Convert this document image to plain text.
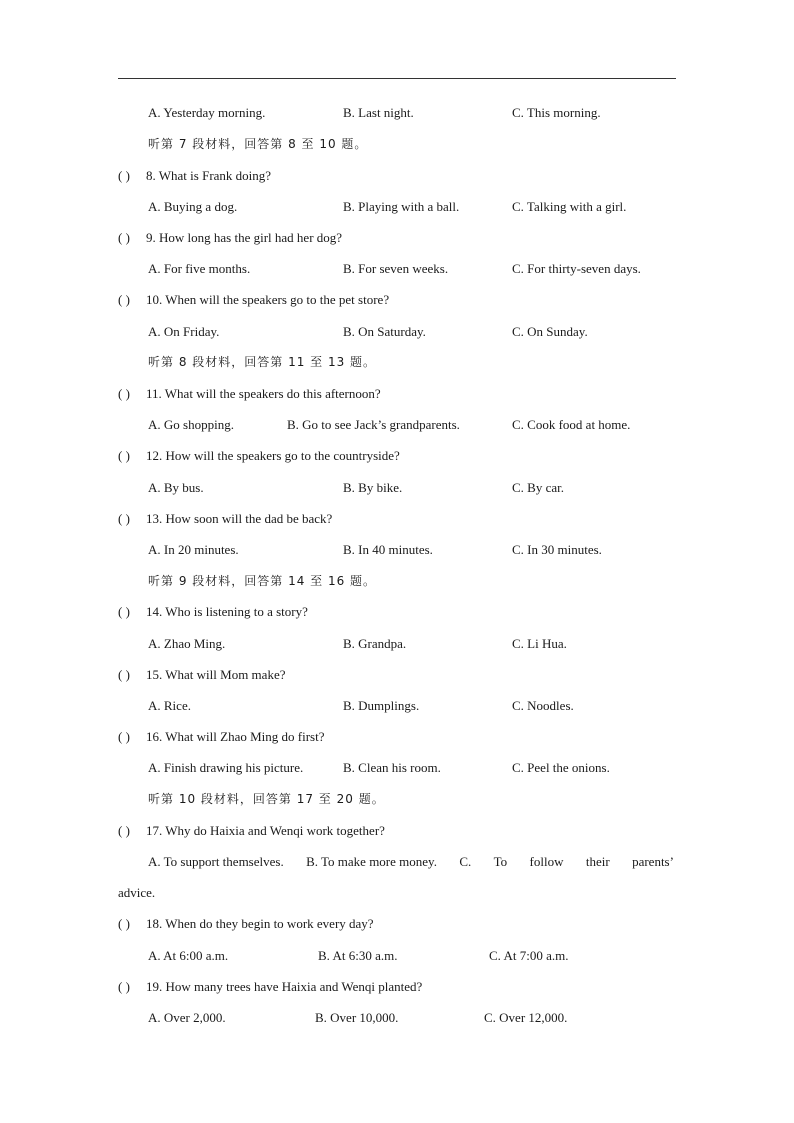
A. Yesterday morning.	B. Last night.	C. This morning.
听第 7 段材料，回答第 8 至 10 题。
( ) 8. What is Frank doing?
A. Buying a dog.	B. Playing with a ball.	C. Talking with a girl.
( ) 9. How long has the girl had her dog?
A. For five months.	B. For seven weeks.	C. For thirty-seven days.
( ) 10. When will the speakers go to the pet store?
A. On Friday.	B. On Saturday.	C. On Sunday.
听第 8 段材料，回答第 11 至 13 题。
( ) 11. What will the speakers do this afternoon?
A. Go shopping.	B. Go to see Jack’s grandparents.	C. Cook food at home.
( ) 12. How will the speakers go to the countryside?
A. By bus.	B. By bike.	C. By car.
( ) 13. How soon will the dad be back?
A. In 20 minutes.	B. In 40 minutes.	C. In 30 minutes.
听第 9 段材料，回答第 14 至 16 题。
( ) 14. Who is listening to a story?
A. Zhao Ming.	B. Grandpa.	C. Li Hua.
( ) 15. What will Mom make?
A. Rice.	B. Dumplings.	C. Noodles.
( ) 16. What will Zhao Ming do first?
A. Finish drawing his picture.	B. Clean his room.	C. Peel the onions.
听第 10 段材料，回答第 17 至 20 题。
( ) 17. Why do Haixia and Wenqi work together?
A. To support themselves. B. To make more money. C. To follow their parents’
advice.
( ) 18. When do they begin to work every day?
A. At 6:00 a.m.	B. At 6:30 a.m.	C. At 7:00 a.m.
( ) 19. How many trees have Haixia and Wenqi planted?
A. Over 2,000.	B. Over 10,000.	C. Over 12,000.
